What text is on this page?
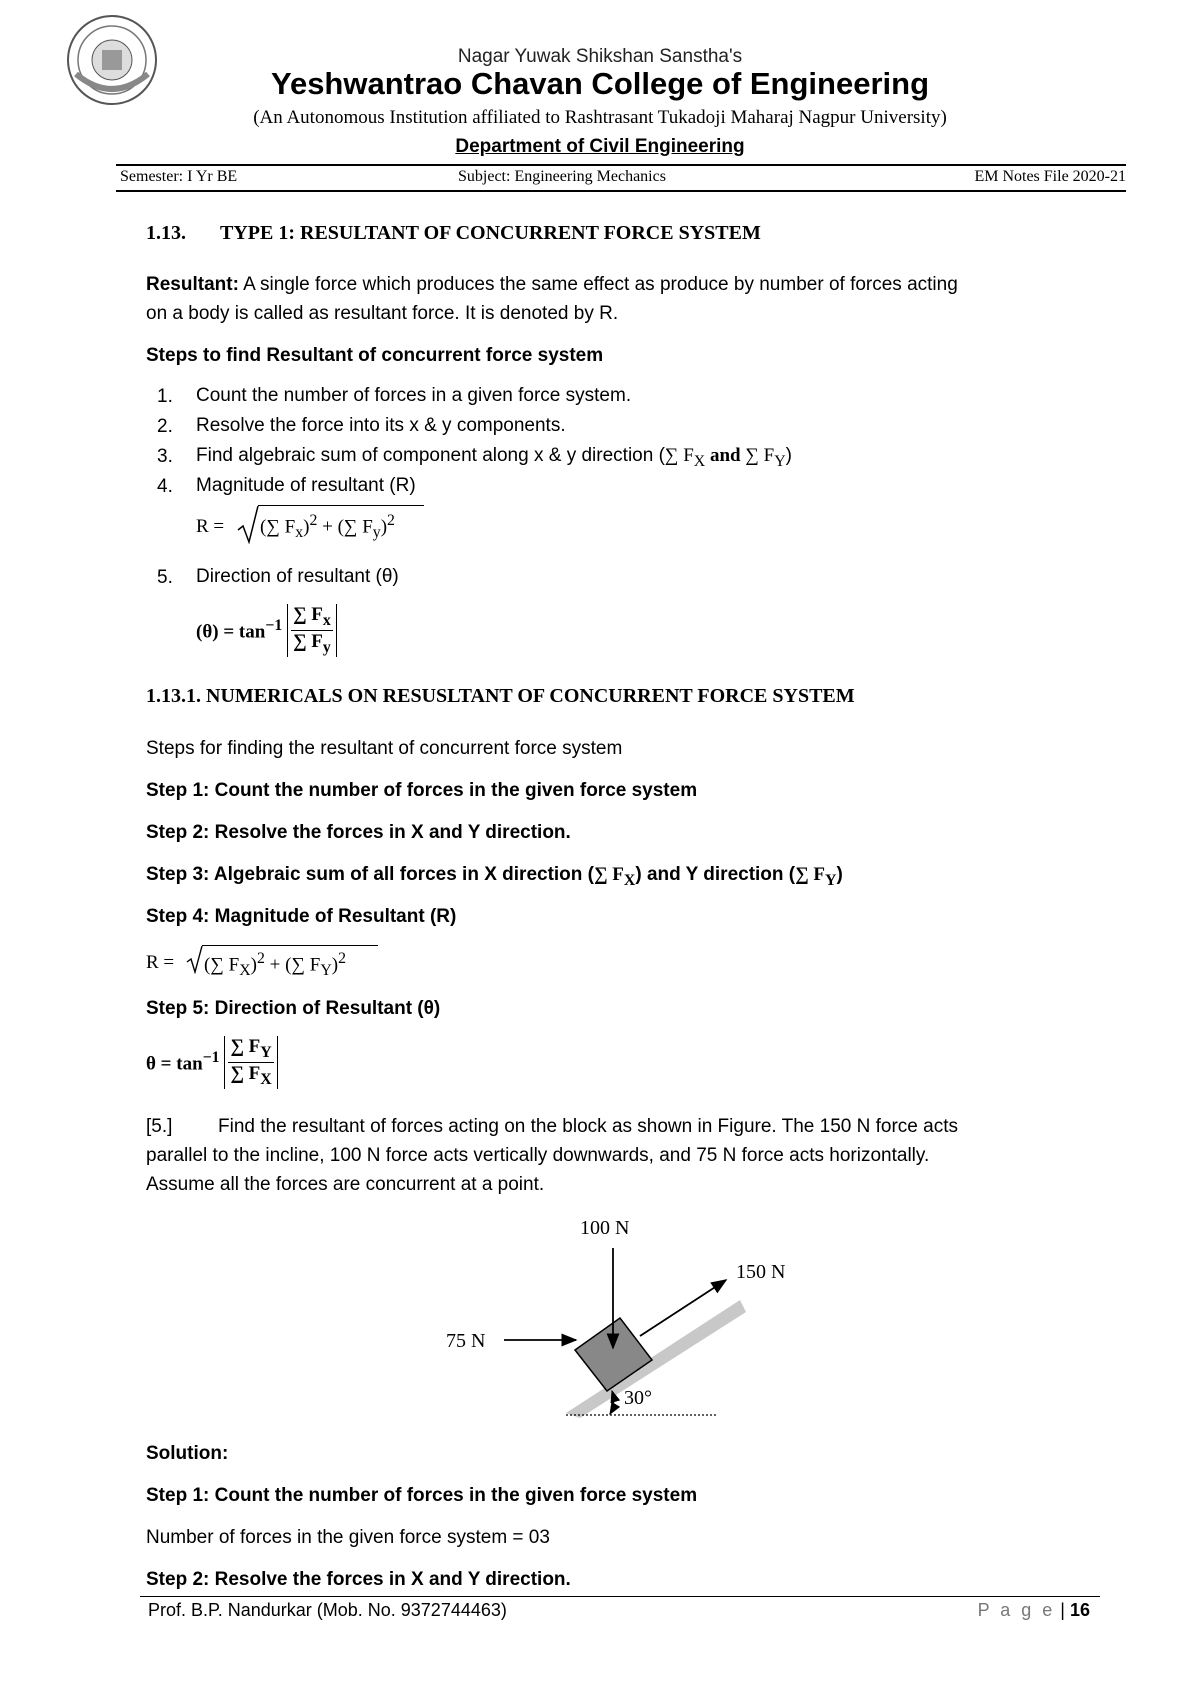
Nagar Yuwak Shikshan Sanstha's
Yeshwantrao Chavan College of Engineering
(An Autonomous Institution affiliated to Rashtrasant Tukadoji Maharaj Nagpur University)
Department of Civil Engineering
Semester: I Yr BE	Subject: Engineering Mechanics	EM Notes File 2020-21
1.13. TYPE 1: RESULTANT OF CONCURRENT FORCE SYSTEM
Resultant: A single force which produces the same effect as produce by number of forces acting
on a body is called as resultant force. It is denoted by R.
Steps to find Resultant of concurrent force system
1. Count the number of forces in a given force system.
2. Resolve the force into its x & y components.
3. Find algebraic sum of component along x & y direction (∑ $F_X$ and ∑ $F_Y$)
4. Magnitude of resultant (R)
R = (∑ $F_x)^2$ + (∑ $F_y)^2$
5. Direction of resultant (θ)
$(\theta) = \tan^{-1} \frac{\sum F_x}{\sum F_y}$
1.13.1. NUMERICALS ON RESUSLTANT OF CONCURRENT FORCE SYSTEM
Steps for finding the resultant of concurrent force system
Step 1: Count the number of forces in the given force system
Step 2: Resolve the forces in X and Y direction.
Step 3: Algebraic sum of all forces in X direction (∑ $F_X$) and Y direction (∑ $F_Y$)
Step 4: Magnitude of Resultant (R)
R = (∑ $F_X)^2$ + (∑ $F_Y)^2$
Step 5: Direction of Resultant (θ)
$\theta = \tan^{-1} \frac{\sum F_Y}{\sum F_X}$
[5.] Find the resultant of forces acting on the block as shown in Figure. The 150 N force acts
parallel to the incline, 100 N force acts vertically downwards, and 75 N force acts horizontally.
Assume all the forces are concurrent at a point.
100 N
150 N
75 N
30°
Solution:
Step 1: Count the number of forces in the given force system
Number of forces in the given force system = 03
Step 2: Resolve the forces in X and Y direction.
Prof. B.P. Nandurkar (Mob. No. 9372744463)	P a g e | 16
